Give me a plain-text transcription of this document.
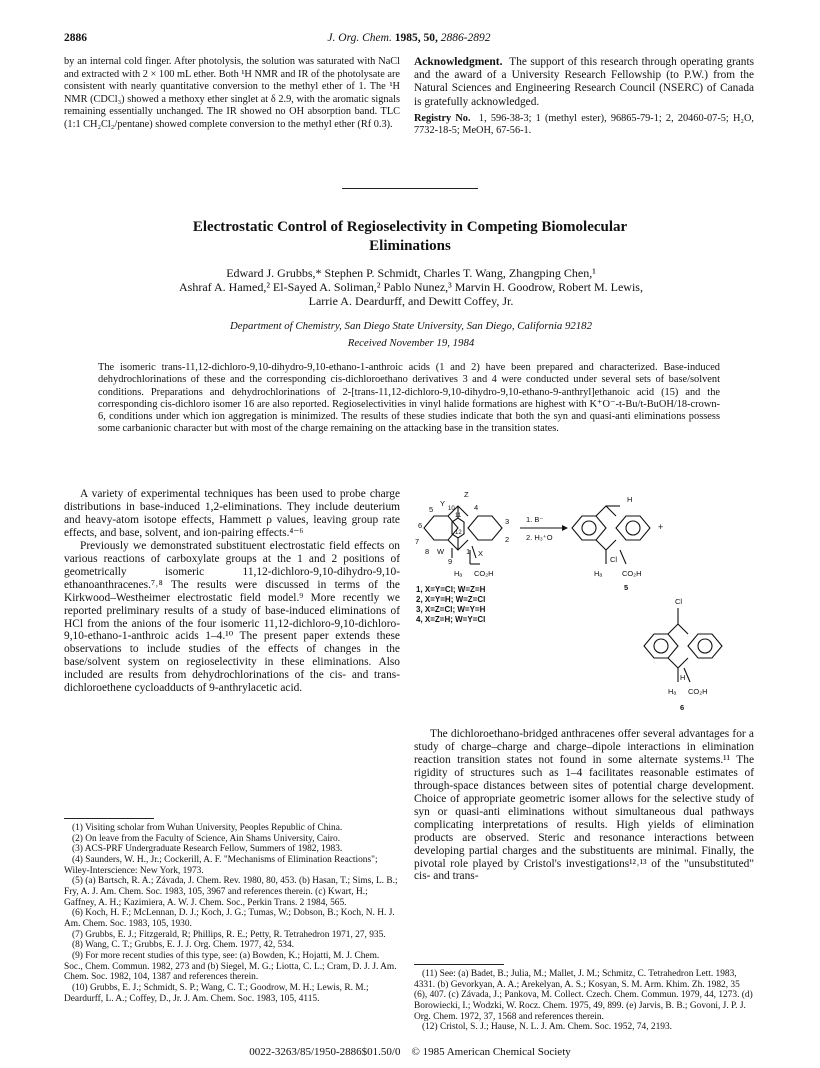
2886	J. Org. Chem. 1985, 50, 2886-2892

by an internal cold finger. After photolysis, the solution was saturated with NaCl and extracted with 2 × 100 mL ether. Both ¹H NMR and IR of the photolysate are consistent with nearly quantitative conversion to the methyl ether of 1. The ¹H NMR (CDCl₃) showed a methoxy ether singlet at δ 2.9, with the aromatic signals remaining essentially unchanged. The IR showed no OH absorption band. TLC (1:1 CH₂Cl₂/pentane) showed complete conversion to the methyl ether (Rf 0.3).

Acknowledgment. The support of this research through operating grants and the award of a University Research Fellowship (to P.W.) from the Natural Sciences and Engineering Research Council (NSERC) of Canada is gratefully acknowledged.

Registry No. 1, 596-38-3; 1 (methyl ester), 96865-79-1; 2, 20460-07-5; H₂O, 7732-18-5; MeOH, 67-56-1.

Electrostatic Control of Regioselectivity in Competing Biomolecular
Eliminations
Edward J. Grubbs,* Stephen P. Schmidt, Charles T. Wang, Zhangping Chen,¹
Ashraf A. Hamed,² El-Sayed A. Soliman,² Pablo Nunez,³ Marvin H. Goodrow, Robert M. Lewis,
Larrie A. Deardurff, and Dewitt Coffey, Jr.
Department of Chemistry, San Diego State University, San Diego, California 92182
Received November 19, 1984
The isomeric trans-11,12-dichloro-9,10-dihydro-9,10-ethano-1-anthroic acids (1 and 2) have been prepared and characterized. Base-induced dehydrochlorinations of these and the corresponding cis-dichloroethano derivatives 3 and 4 were conducted under several sets of base/solvent conditions. Preparations and dehydrochlorinations of 2-[trans-11,12-dichloro-9,10-dihydro-9,10-ethano-9-anthryl]ethanoic acid (15) and the corresponding cis-dichloro isomer 16 are also reported. Regioselectivities in vinyl halide formations are highest with K⁺O⁻-t-Bu/t-BuOH/18-crown-6, conditions under which ion aggregation is minimized. The results of these studies indicate that both the syn and quasi-anti eliminations possess some carbanionic character but with most of the charge remaining on the attacking base in the transition states.

A variety of experimental techniques has been used to probe charge distributions in base-induced 1,2-eliminations. They include deuterium and heavy-atom isotope effects, Hammett ρ values, leaving group rate effects, and base, solvent, and ion-pairing effects.⁴⁻⁶

Previously we demonstrated substituent electrostatic field effects on various reactions of carboxylate groups at the 1 and 2 positions of geometrically isomeric 11,12-dichloro-9,10-dihydro-9,10-ethanoanthracenes.⁷˒⁸ The results were discussed in terms of the Kirkwood–Westheimer electrostatic field model.⁹ More recently we reported preliminary results of a study of base-induced eliminations of HCl from the anions of the four isomeric 11,12-dichloro-9,10-dichloro-9,10-ethano-1-anthroic acids 1–4.¹⁰ The present paper extends these observations to include studies of the effects of changes in the base/solvent system on regioselectivity in these eliminations. Also included are results from dehydrochlorinations of the cis- and trans-dichloroethene cycloadducts of 9-anthrylacetic acid.

(1) Visiting scholar from Wuhan University, Peoples Republic of China.

(2) On leave from the Faculty of Science, Ain Shams University, Cairo.

(3) ACS-PRF Undergraduate Research Fellow, Summers of 1982, 1983.

(4) Saunders, W. H., Jr.; Cockerill, A. F. "Mechanisms of Elimination Reactions"; Wiley-Interscience: New York, 1973.

(5) (a) Bartsch, R. A.; Závada, J. Chem. Rev. 1980, 80, 453. (b) Hasan, T.; Sims, L. B.; Fry, A. J. Am. Chem. Soc. 1983, 105, 3967 and references therein. (c) Kwart, H.; Gaffney, A. H.; Kazimiera, A. W. J. Chem. Soc., Perkin Trans. 2 1984, 565.

(6) Koch, H. F.; McLennan, D. J.; Koch, J. G.; Tumas, W.; Dobson, B.; Koch, N. H. J. Am. Chem. Soc. 1983, 105, 1930.

(7) Grubbs, E. J.; Fitzgerald, R; Phillips, R. E.; Petty, R. Tetrahedron 1971, 27, 935.

(8) Wang, C. T.; Grubbs, E. J. J. Org. Chem. 1977, 42, 534.

(9) For more recent studies of this type, see: (a) Bowden, K.; Hojatti, M. J. Chem. Soc., Chem. Commun. 1982, 273 and (b) Siegel, M. G.; Liotta, C. L.; Cram, D. J. J. Am. Chem. Soc. 1982, 104, 1387 and references therein.

(10) Grubbs, E. J.; Schmidt, S. P.; Wang, C. T.; Goodrow, M. H.; Lewis, R. M.; Deardurff, L. A.; Coffey, D., Jr. J. Am. Chem. Soc. 1983, 105, 4115.

5
Y
10
Z
4
6
11
3
12
2
7
8 W
9
1 X
Hₐ CO₂H
1. B⁻
2. H₃⁺O
H
+
Cl
Hₐ	CO₂H
5
1, X=Y=Cl; W=Z=H
2, X=Y=H; W=Z=Cl
3, X=Z=Cl; W=Y=H
4, X=Z=H; W=Y=Cl
Cl
H
Hₐ CO₂H
6

The dichloroethano-bridged anthracenes offer several advantages for a study of charge–charge and charge–dipole interactions in elimination reaction transition states not found in some alternate systems.¹¹ The rigidity of structures such as 1–4 facilitates reasonable estimates of through-space distances between sites of potential charge development. Choice of appropriate geometric isomer allows for the selective study of syn or quasi-anti eliminations without simultaneous dual pathways complicating interpretations of results. High yields of elimination products are observed. Steric and resonance interactions between developing partial charges and the substituents are minimal. Finally, the pivotal role played by Cristol's investigations¹²˒¹³ of the "unsubstituted" cis- and trans-

(11) See: (a) Badet, B.; Julia, M.; Mallet, J. M.; Schmitz, C. Tetrahedron Lett. 1983, 4331. (b) Gevorkyan, A. A.; Arekelyan, A. S.; Kosyan, S. M. Arm. Khim. Zh. 1982, 35 (6), 407. (c) Závada, J.; Pankova, M. Collect. Czech. Chem. Commun. 1979, 44, 1273. (d) Borowiecki, I.; Wodzki, W. Rocz. Chem. 1975, 49, 899. (e) Jarvis, B. B.; Govoni, J. P. J. Org. Chem. 1972, 37, 1568 and references therein.

(12) Cristol, S. J.; Hause, N. L. J. Am. Chem. Soc. 1952, 74, 2193.

0022-3263/85/1950-2886$01.50/0 © 1985 American Chemical Society
